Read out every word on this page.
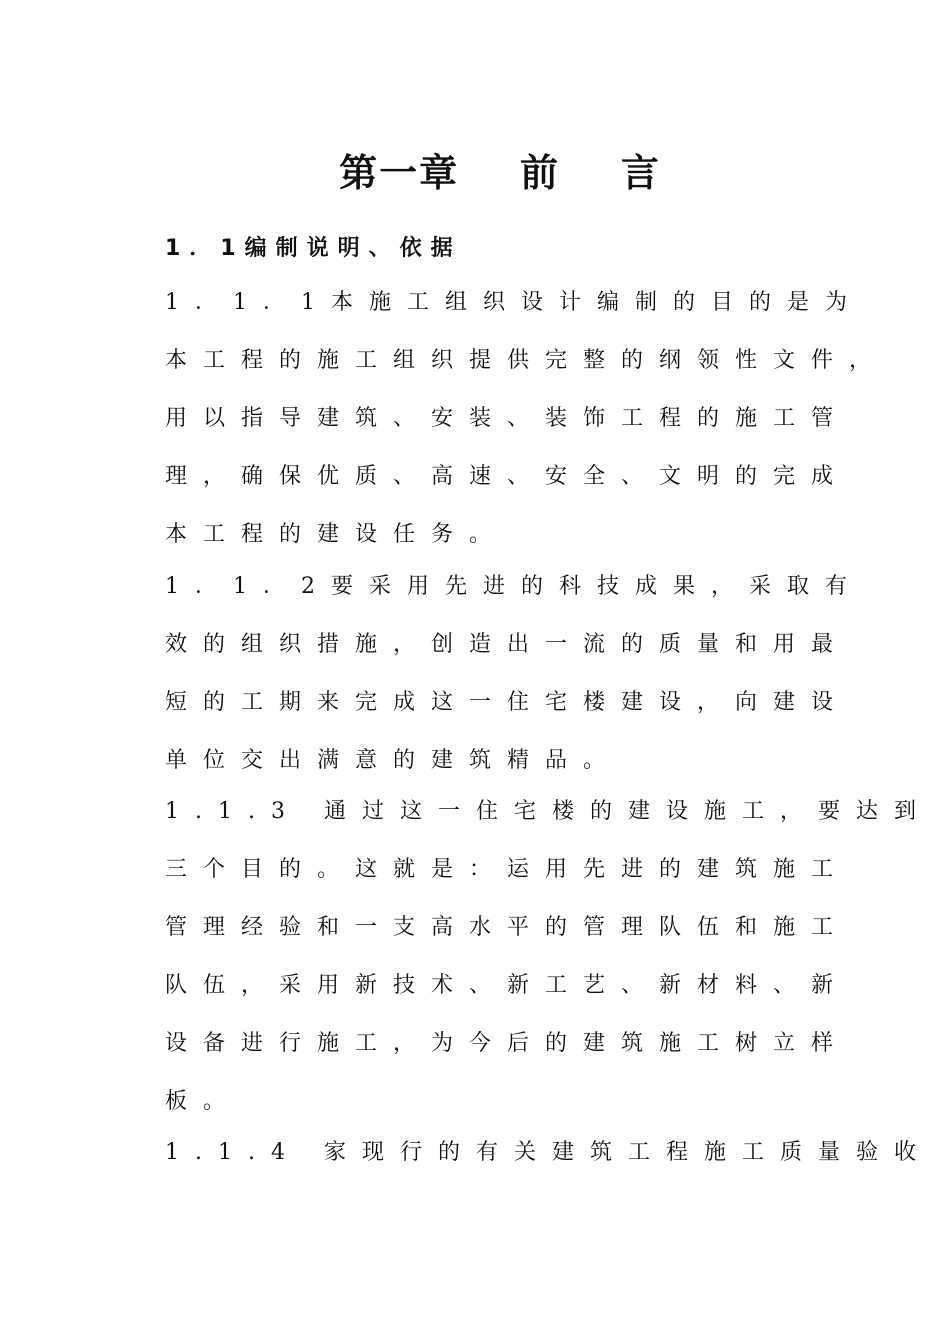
第一章    前    言
1．1编制说明、依据
1．1．1本施工组织设计编制的目的是为
本工程的施工组织提供完整的纲领性文件，
用以指导建筑、安装、装饰工程的施工管
理，确保优质、高速、安全、文明的完成
本工程的建设任务。
1．1．2要采用先进的科技成果，采取有
效的组织措施，创造出一流的质量和用最
短的工期来完成这一住宅楼建设，向建设
单位交出满意的建筑精品。
1.1.3 通过这一住宅楼的建设施工，要达到
三个目的。这就是：运用先进的建筑施工
管理经验和一支高水平的管理队伍和施工
队伍，采用新技术、新工艺、新材料、新
设备进行施工，为今后的建筑施工树立样
板。
1.1.4 家现行的有关建筑工程施工质量验收
